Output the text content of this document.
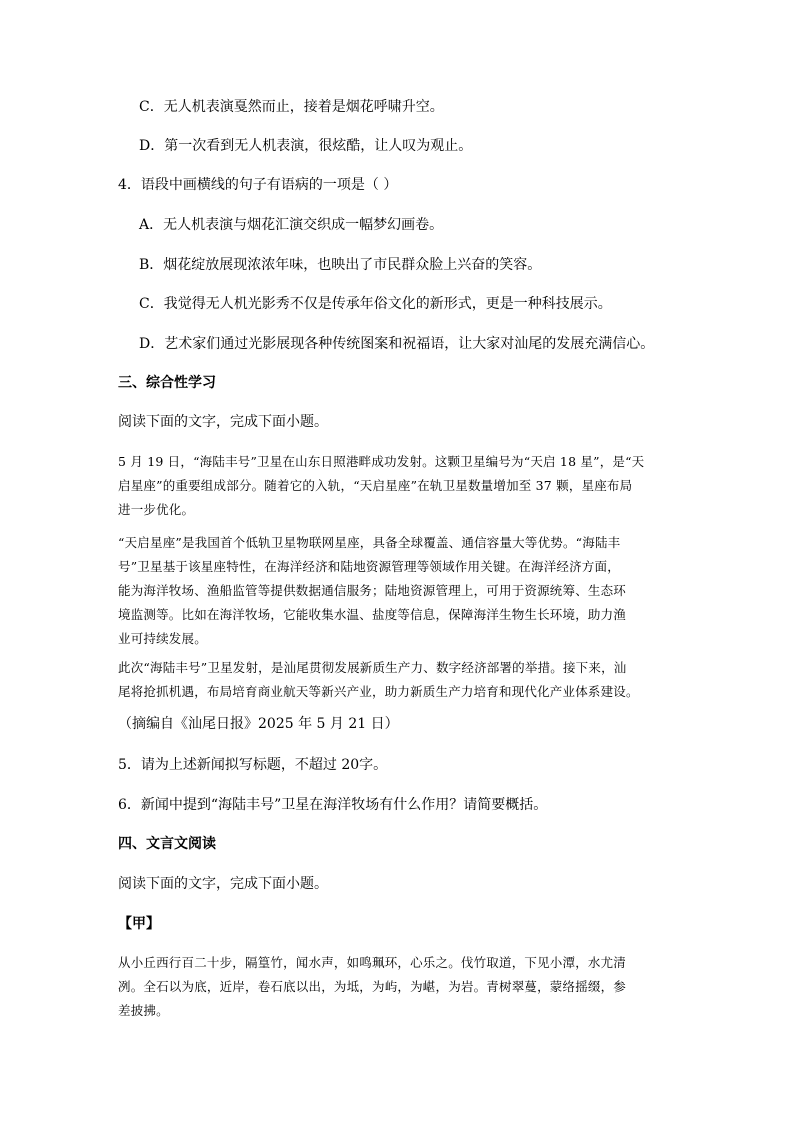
C．无人机表演戛然而止，接着是烟花呼啸升空。
D．第一次看到无人机表演，很炫酷，让人叹为观止。
4．语段中画横线的句子有语病的一项是（ ）
A．无人机表演与烟花汇演交织成一幅梦幻画卷。
B．烟花绽放展现浓浓年味，也映出了市民群众脸上兴奋的笑容。
C．我觉得无人机光影秀不仅是传承年俗文化的新形式，更是一种科技展示。
D．艺术家们通过光影展现各种传统图案和祝福语，让大家对汕尾的发展充满信心。
三、综合性学习
阅读下面的文字，完成下面小题。
5 月 19 日，“海陆丰号”卫星在山东日照港畔成功发射。这颗卫星编号为“天启 18 星”，是“天
启星座”的重要组成部分。随着它的入轨，“天启星座”在轨卫星数量增加至 37 颗，星座布局
进一步优化。
“天启星座”是我国首个低轨卫星物联网星座，具备全球覆盖、通信容量大等优势。“海陆丰
号”卫星基于该星座特性，在海洋经济和陆地资源管理等领域作用关键。在海洋经济方面，
能为海洋牧场、渔船监管等提供数据通信服务；陆地资源管理上，可用于资源统筹、生态环
境监测等。比如在海洋牧场，它能收集水温、盐度等信息，保障海洋生物生长环境，助力渔
业可持续发展。
此次“海陆丰号”卫星发射，是汕尾贯彻发展新质生产力、数字经济部署的举措。接下来，汕
尾将抢抓机遇，布局培育商业航天等新兴产业，助力新质生产力培育和现代化产业体系建设。
（摘编自《汕尾日报》2025 年 5 月 21 日）
5．请为上述新闻拟写标题，不超过 20字。
6．新闻中提到“海陆丰号”卫星在海洋牧场有什么作用？请简要概括。
四、文言文阅读
阅读下面的文字，完成下面小题。
【甲】
从小丘西行百二十步，隔篁竹，闻水声，如鸣珮环，心乐之。伐竹取道，下见小潭，水尤清
冽。全石以为底，近岸，卷石底以出，为坻，为屿，为嵁，为岩。青树翠蔓，蒙络摇缀，参
差披拂。
